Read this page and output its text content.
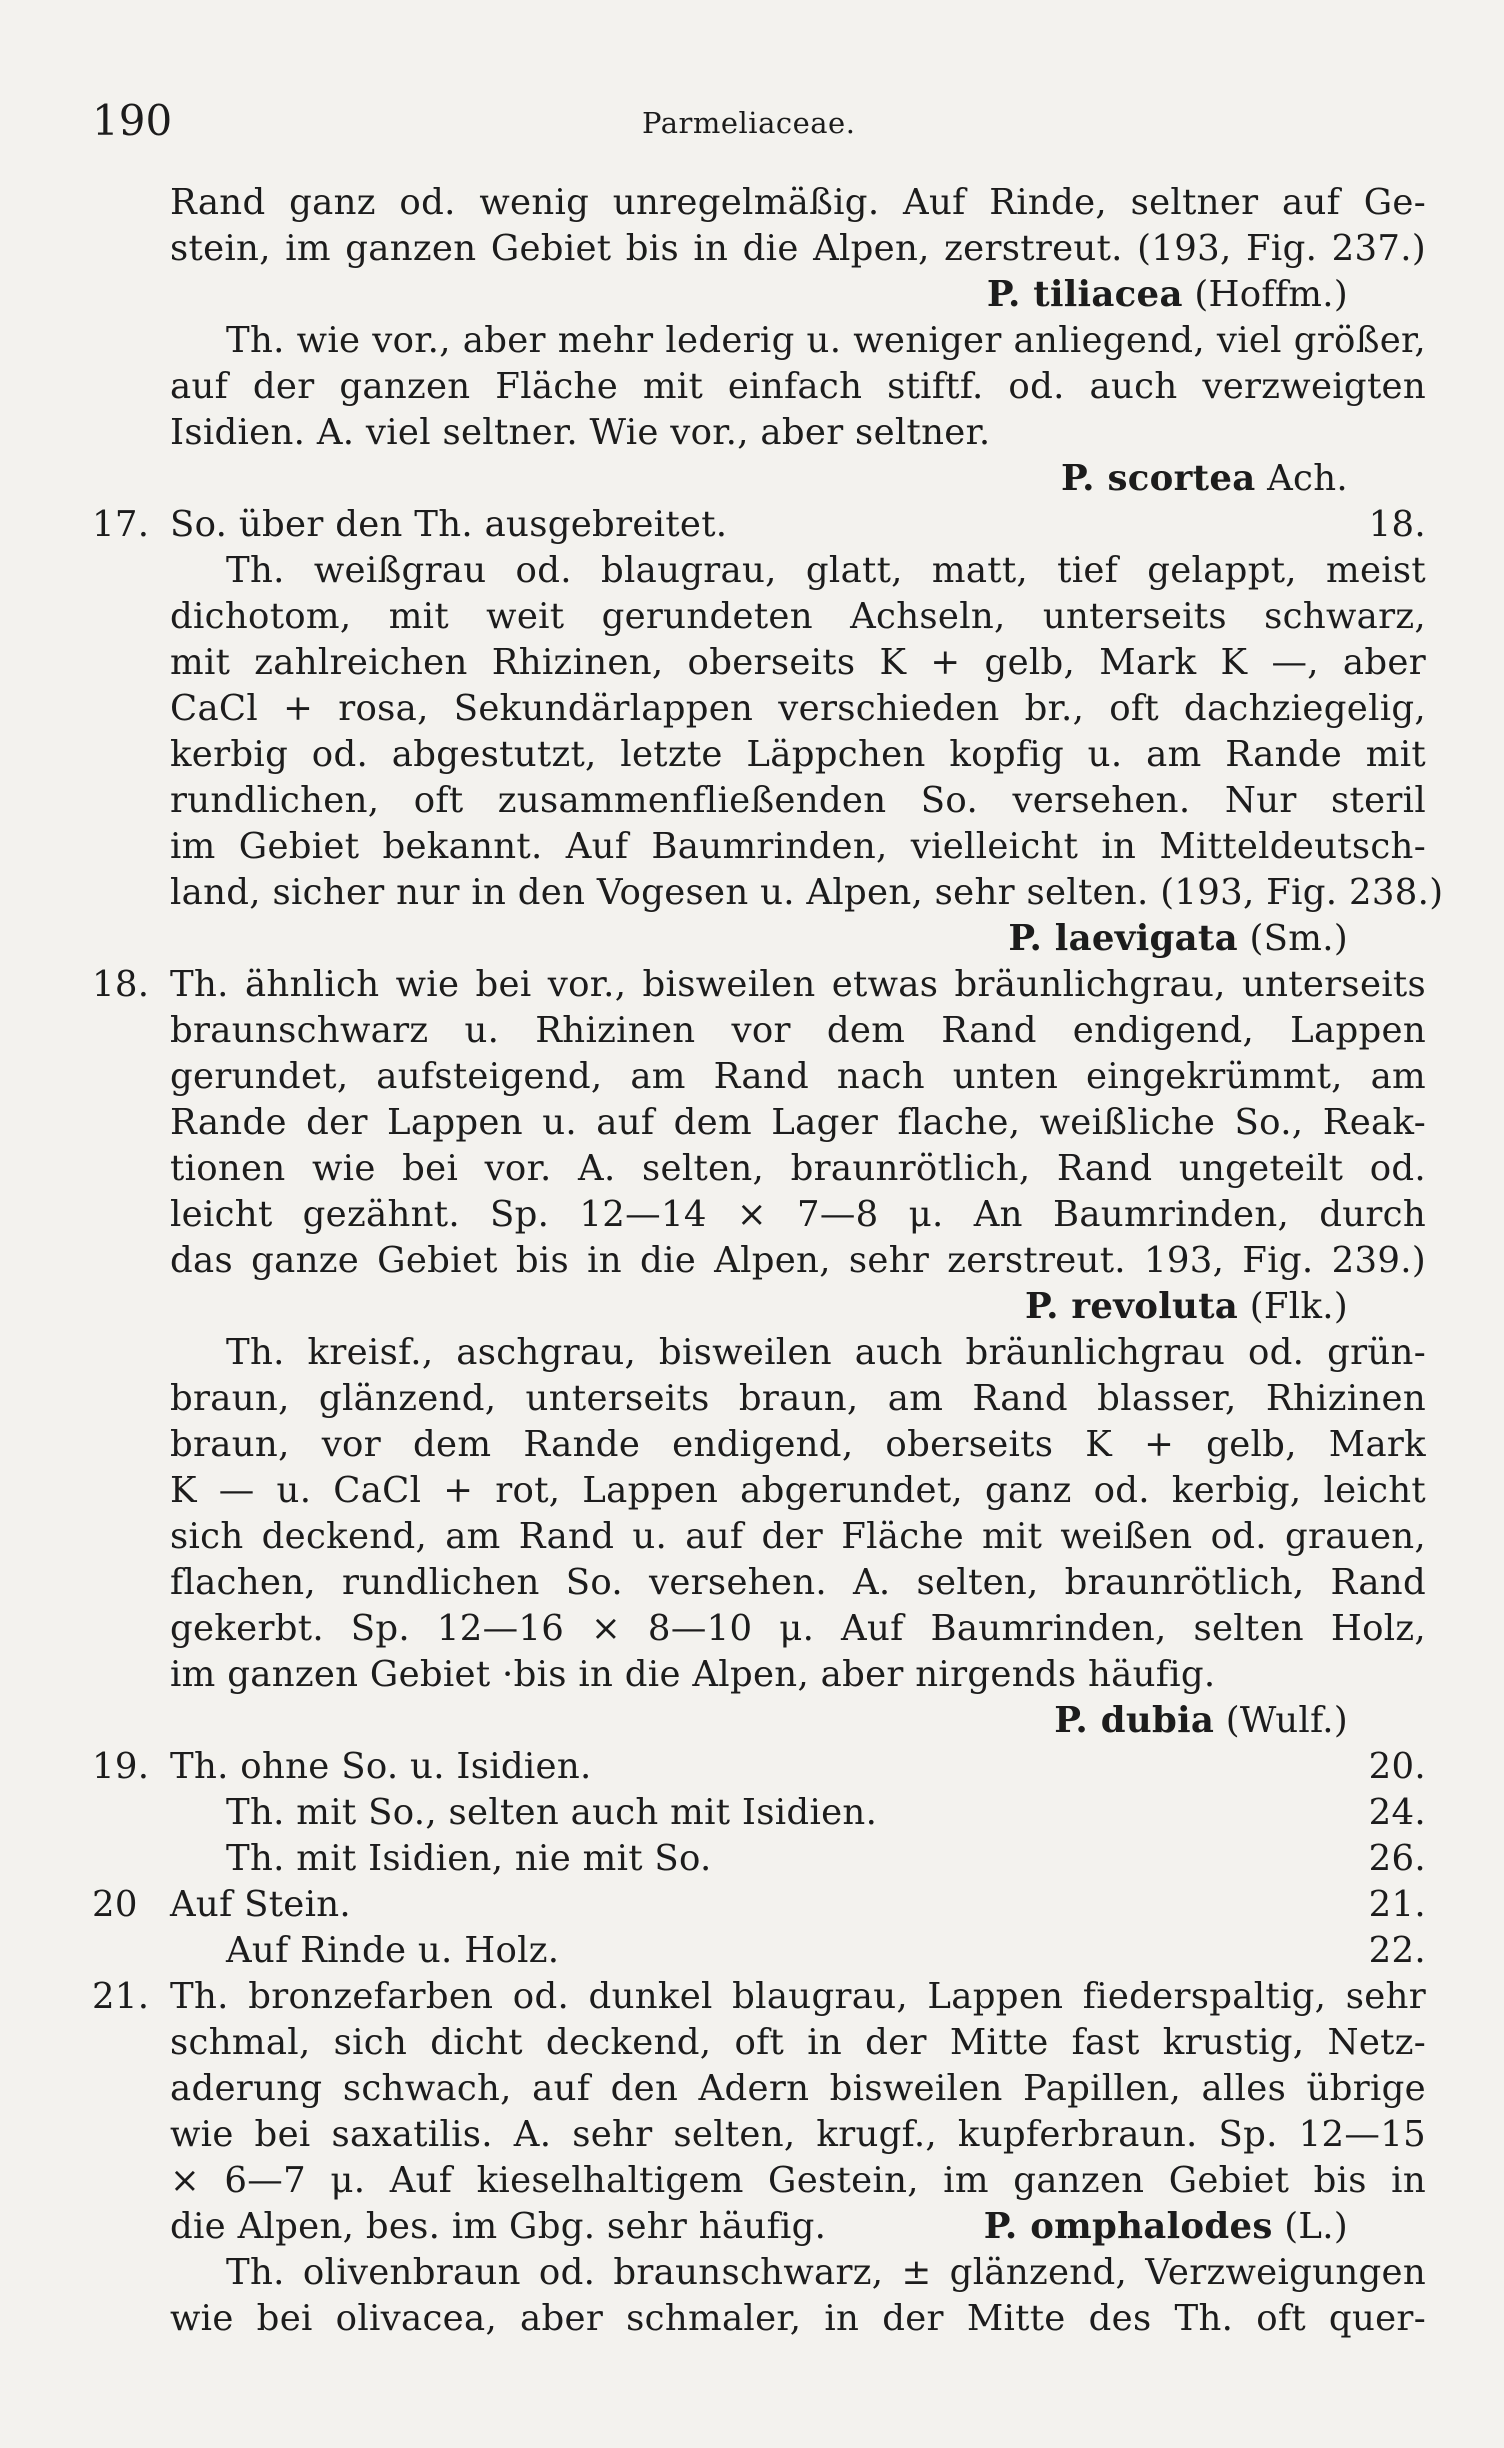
190	Parmeliaceae.
Rand ganz od. wenig unregelmäßig. Auf Rinde, seltner auf Ge-
stein, im ganzen Gebiet bis in die Alpen, zerstreut. (193, Fig. 237.)
P. tiliacea (Hoffm.)
Th. wie vor., aber mehr lederig u. weniger anliegend, viel größer,
auf der ganzen Fläche mit einfach stiftf. od. auch verzweigten
Isidien. A. viel seltner. Wie vor., aber seltner.
P. scortea Ach.
17. So. über den Th. ausgebreitet.	18.
Th. weißgrau od. blaugrau, glatt, matt, tief gelappt, meist
dichotom, mit weit gerundeten Achseln, unterseits schwarz,
mit zahlreichen Rhizinen, oberseits K + gelb, Mark K —, aber
CaCl + rosa, Sekundärlappen verschieden br., oft dachziegelig,
kerbig od. abgestutzt, letzte Läppchen kopfig u. am Rande mit
rundlichen, oft zusammenfließenden So. versehen. Nur steril
im Gebiet bekannt. Auf Baumrinden, vielleicht in Mitteldeutsch-
land, sicher nur in den Vogesen u. Alpen, sehr selten. (193, Fig. 238.)
P. laevigata (Sm.)
18. Th. ähnlich wie bei vor., bisweilen etwas bräunlichgrau, unterseits
braunschwarz u. Rhizinen vor dem Rand endigend, Lappen
gerundet, aufsteigend, am Rand nach unten eingekrümmt, am
Rande der Lappen u. auf dem Lager flache, weißliche So., Reak-
tionen wie bei vor. A. selten, braunrötlich, Rand ungeteilt od.
leicht gezähnt. Sp. 12—14 × 7—8 μ. An Baumrinden, durch
das ganze Gebiet bis in die Alpen, sehr zerstreut. 193, Fig. 239.)
P. revoluta (Flk.)
Th. kreisf., aschgrau, bisweilen auch bräunlichgrau od. grün-
braun, glänzend, unterseits braun, am Rand blasser, Rhizinen
braun, vor dem Rande endigend, oberseits K + gelb, Mark
K — u. CaCl + rot, Lappen abgerundet, ganz od. kerbig, leicht
sich deckend, am Rand u. auf der Fläche mit weißen od. grauen,
flachen, rundlichen So. versehen. A. selten, braunrötlich, Rand
gekerbt. Sp. 12—16 × 8—10 μ. Auf Baumrinden, selten Holz,
im ganzen Gebiet ·bis in die Alpen, aber nirgends häufig.
P. dubia (Wulf.)
19. Th. ohne So. u. Isidien.	20.
Th. mit So., selten auch mit Isidien.	24.
Th. mit Isidien, nie mit So.	26.
20 Auf Stein.	21.
Auf Rinde u. Holz.	22.
21. Th. bronzefarben od. dunkel blaugrau, Lappen fiederspaltig, sehr
schmal, sich dicht deckend, oft in der Mitte fast krustig, Netz-
aderung schwach, auf den Adern bisweilen Papillen, alles übrige
wie bei saxatilis. A. sehr selten, krugf., kupferbraun. Sp. 12—15
× 6—7 μ. Auf kieselhaltigem Gestein, im ganzen Gebiet bis in
die Alpen, bes. im Gbg. sehr häufig.	P. omphalodes (L.)
Th. olivenbraun od. braunschwarz, ± glänzend, Verzweigungen
wie bei olivacea, aber schmaler, in der Mitte des Th. oft quer-
